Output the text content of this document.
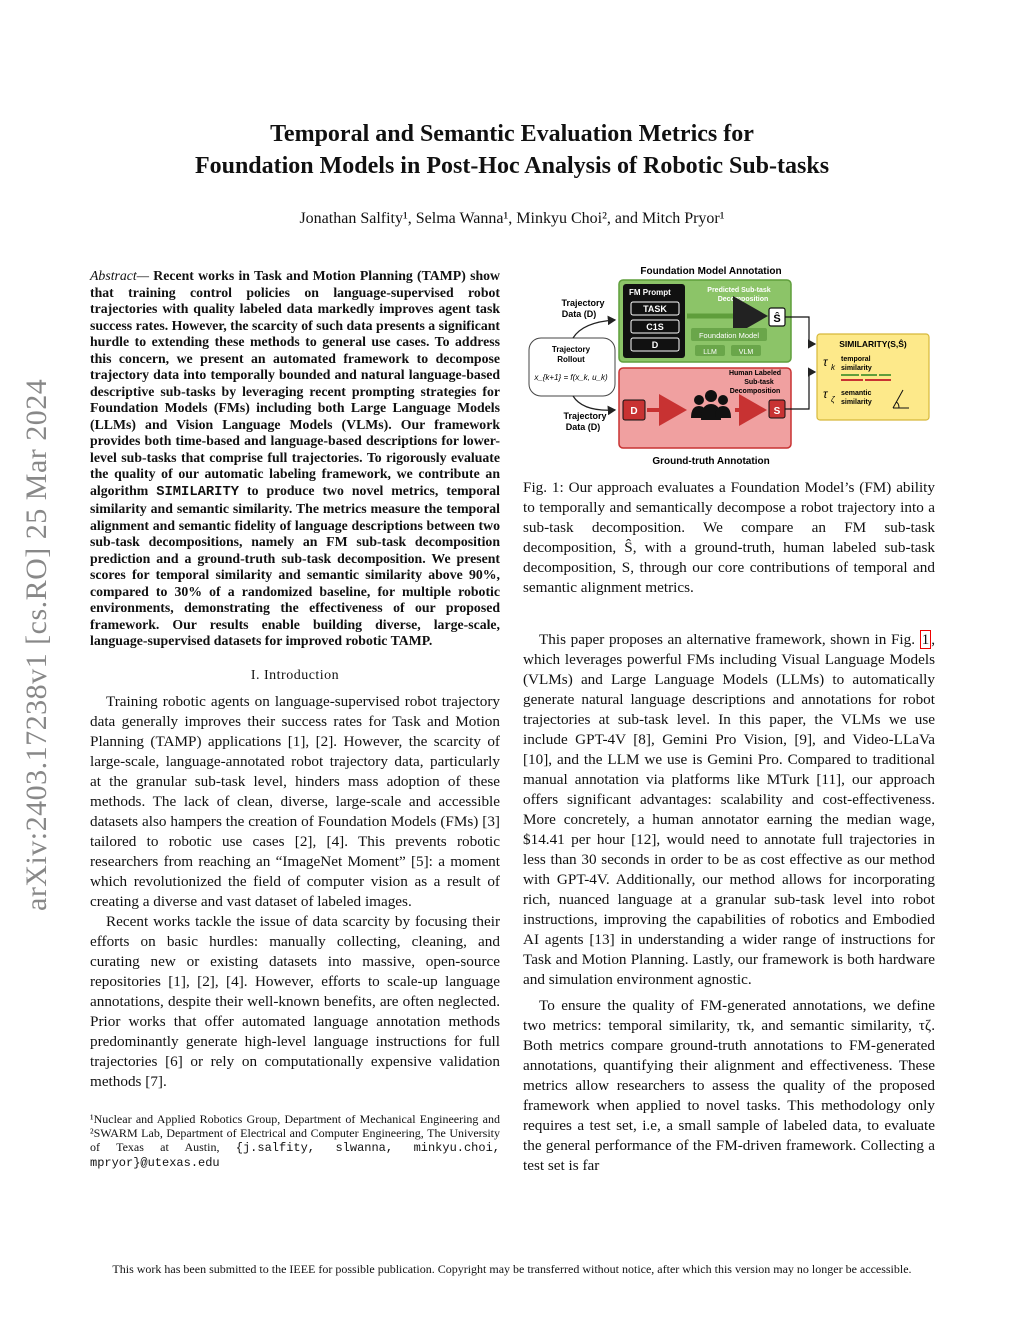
Temporal and Semantic Evaluation Metrics for
Foundation Models in Post-Hoc Analysis of Robotic Sub-tasks
Jonathan Salfity¹, Selma Wanna¹, Minkyu Choi², and Mitch Pryor¹
arXiv:2403.17238v1 [cs.RO] 25 Mar 2024
Abstract— Recent works in Task and Motion Planning (TAMP) show that training control policies on language-supervised robot trajectories with quality labeled data markedly improves agent task success rates. However, the scarcity of such data presents a significant hurdle to extending these methods to general use cases. To address this concern, we present an automated framework to decompose trajectory data into temporally bounded and natural language-based descriptive sub-tasks by leveraging recent prompting strategies for Foundation Models (FMs) including both Large Language Models (LLMs) and Vision Language Models (VLMs). Our framework provides both time-based and language-based descriptions for lower-level sub-tasks that comprise full trajectories. To rigorously evaluate the quality of our automatic labeling framework, we contribute an algorithm SIMILARITY to produce two novel metrics, temporal similarity and semantic similarity. The metrics measure the temporal alignment and semantic fidelity of language descriptions between two sub-task decompositions, namely an FM sub-task decomposition prediction and a ground-truth sub-task decomposition. We present scores for temporal similarity and semantic similarity above 90%, compared to 30% of a randomized baseline, for multiple robotic environments, demonstrating the effectiveness of our proposed framework. Our results enable building diverse, large-scale, language-supervised datasets for improved robotic TAMP.
I. Introduction

Training robotic agents on language-supervised robot trajectory data generally improves their success rates for Task and Motion Planning (TAMP) applications [1], [2]. However, the scarcity of large-scale, language-annotated robot trajectory data, particularly at the granular sub-task level, hinders mass adoption of these methods. The lack of clean, diverse, large-scale and accessible datasets also hampers the creation of Foundation Models (FMs) [3] tailored to robotic use cases [2], [4]. This prevents robotic researchers from reaching an “ImageNet Moment” [5]: a moment which revolutionized the field of computer vision as a result of creating a diverse and vast dataset of labeled images.

Recent works tackle the issue of data scarcity by focusing their efforts on basic hurdles: manually collecting, cleaning, and curating new or existing datasets into massive, open-source repositories [1], [2], [4]. However, efforts to scale-up language annotations, despite their well-known benefits, are often neglected. Prior works that offer automated language annotation methods predominantly generate high-level language instructions for full trajectories [6] or rely on computationally expensive validation methods [7].

¹Nuclear and Applied Robotics Group, Department of Mechanical Engineering and ²SWARM Lab, Department of Electrical and Computer Engineering, The University of Texas at Austin, {j.salfity, slwanna, minkyu.choi, mpryor}@utexas.edu
Foundation Model Annotation
Trajectory
Data (D)
Trajectory
Rollout
x_{k+1} = f(x_k, u_k)
Trajectory
Data (D)
FM Prompt
TASK
C1S
D
Predicted Sub-task
Decomposition
Ŝ
Foundation Model
LLM	VLM
D
Human Labeled
Sub-task
Decomposition
S
Ground-truth Annotation
SIMILARITY(S,Ŝ)
τ k
temporal
similarity
τ ζ
semantic
similarity
Fig. 1: Our approach evaluates a Foundation Model’s (FM) ability to temporally and semantically decompose a robot trajectory into a sub-task decomposition. We compare an FM sub-task decomposition, Ŝ, with a ground-truth, human labeled sub-task decomposition, S, through our core contributions of temporal and semantic alignment metrics.

This paper proposes an alternative framework, shown in Fig. 1 , which leverages powerful FMs including Visual Language Models (VLMs) and Large Language Models (LLMs) to automatically generate natural language descriptions and annotations for robot trajectories at sub-task level. In this paper, the VLMs we use include GPT-4V [8], Gemini Pro Vision, [9], and Video-LLaVa [10], and the LLM we use is Gemini Pro. Compared to traditional manual annotation via platforms like MTurk [11], our approach offers significant advantages: scalability and cost-effectiveness. More concretely, a human annotator earning the median wage, $14.41 per hour [12], would need to annotate full trajectories in less than 30 seconds in order to be as cost effective as our method with GPT-4V. Additionally, our method allows for incorporating rich, nuanced language at a granular sub-task level into robot instructions, improving the capabilities of robotics and Embodied AI agents [13] in understanding a wider range of instructions for Task and Motion Planning. Lastly, our framework is both hardware and simulation environment agnostic.

To ensure the quality of FM-generated annotations, we define two metrics: temporal similarity, τk, and semantic similarity, τζ. Both metrics compare ground-truth annotations to FM-generated annotations, quantifying their alignment and effectiveness. These metrics allow researchers to assess the quality of the proposed framework when applied to novel tasks. This methodology only requires a test set, i.e, a small sample of labeled data, to evaluate the general performance of the FM-driven framework. Collecting a test set is far

This work has been submitted to the IEEE for possible publication. Copyright may be transferred without notice, after which this version may no longer be accessible.
